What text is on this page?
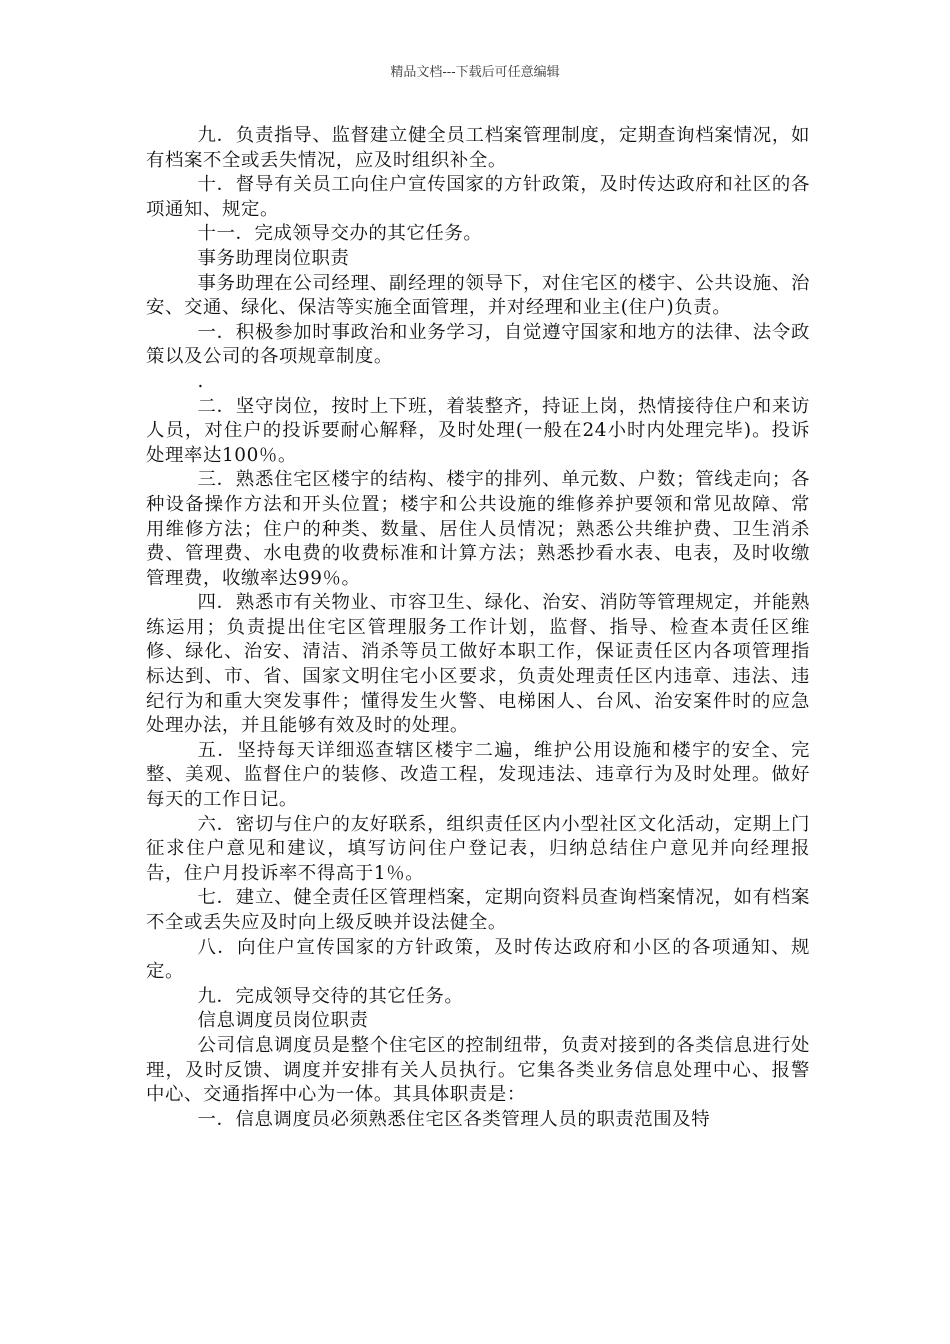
精品文档---下载后可任意编辑

九．负责指导、监督建立健全员工档案管理制度，定期查询档案情况，如有档案不全或丢失情况，应及时组织补全。

十．督导有关员工向住户宣传国家的方针政策，及时传达政府和社区的各项通知、规定。

十一．完成领导交办的其它任务。

事务助理岗位职责

事务助理在公司经理、副经理的领导下，对住宅区的楼宇、公共设施、治安、交通、绿化、保洁等实施全面管理，并对经理和业主(住户)负责。

一．积极参加时事政治和业务学习，自觉遵守国家和地方的法律、法令政策以及公司的各项规章制度。

.

二．坚守岗位，按时上下班，着装整齐，持证上岗，热情接待住户和来访人员，对住户的投诉要耐心解释，及时处理(一般在24小时内处理完毕)。投诉处理率达100％。

三．熟悉住宅区楼宇的结构、楼宇的排列、单元数、户数；管线走向；各种设备操作方法和开头位置；楼宇和公共设施的维修养护要领和常见故障、常用维修方法；住户的种类、数量、居住人员情况；熟悉公共维护费、卫生消杀费、管理费、水电费的收费标准和计算方法；熟悉抄看水表、电表，及时收缴管理费，收缴率达99％。

四．熟悉市有关物业、市容卫生、绿化、治安、消防等管理规定，并能熟练运用；负责提出住宅区管理服务工作计划，监督、指导、检查本责任区维修、绿化、治安、清洁、消杀等员工做好本职工作，保证责任区内各项管理指标达到、市、省、国家文明住宅小区要求，负责处理责任区内违章、违法、违纪行为和重大突发事件；懂得发生火警、电梯困人、台风、治安案件时的应急处理办法，并且能够有效及时的处理。

五．坚持每天详细巡查辖区楼宇二遍，维护公用设施和楼宇的安全、完整、美观、监督住户的装修、改造工程，发现违法、违章行为及时处理。做好每天的工作日记。

六．密切与住户的友好联系，组织责任区内小型社区文化活动，定期上门征求住户意见和建议，填写访问住户登记表，归纳总结住户意见并向经理报告，住户月投诉率不得高于1％。

七．建立、健全责任区管理档案，定期向资料员查询档案情况，如有档案不全或丢失应及时向上级反映并设法健全。

八．向住户宣传国家的方针政策，及时传达政府和小区的各项通知、规定。

九．完成领导交待的其它任务。

信息调度员岗位职责

公司信息调度员是整个住宅区的控制纽带，负责对接到的各类信息进行处理，及时反馈、调度并安排有关人员执行。它集各类业务信息处理中心、报警中心、交通指挥中心为一体。其具体职责是：

一．信息调度员必须熟悉住宅区各类管理人员的职责范围及特
